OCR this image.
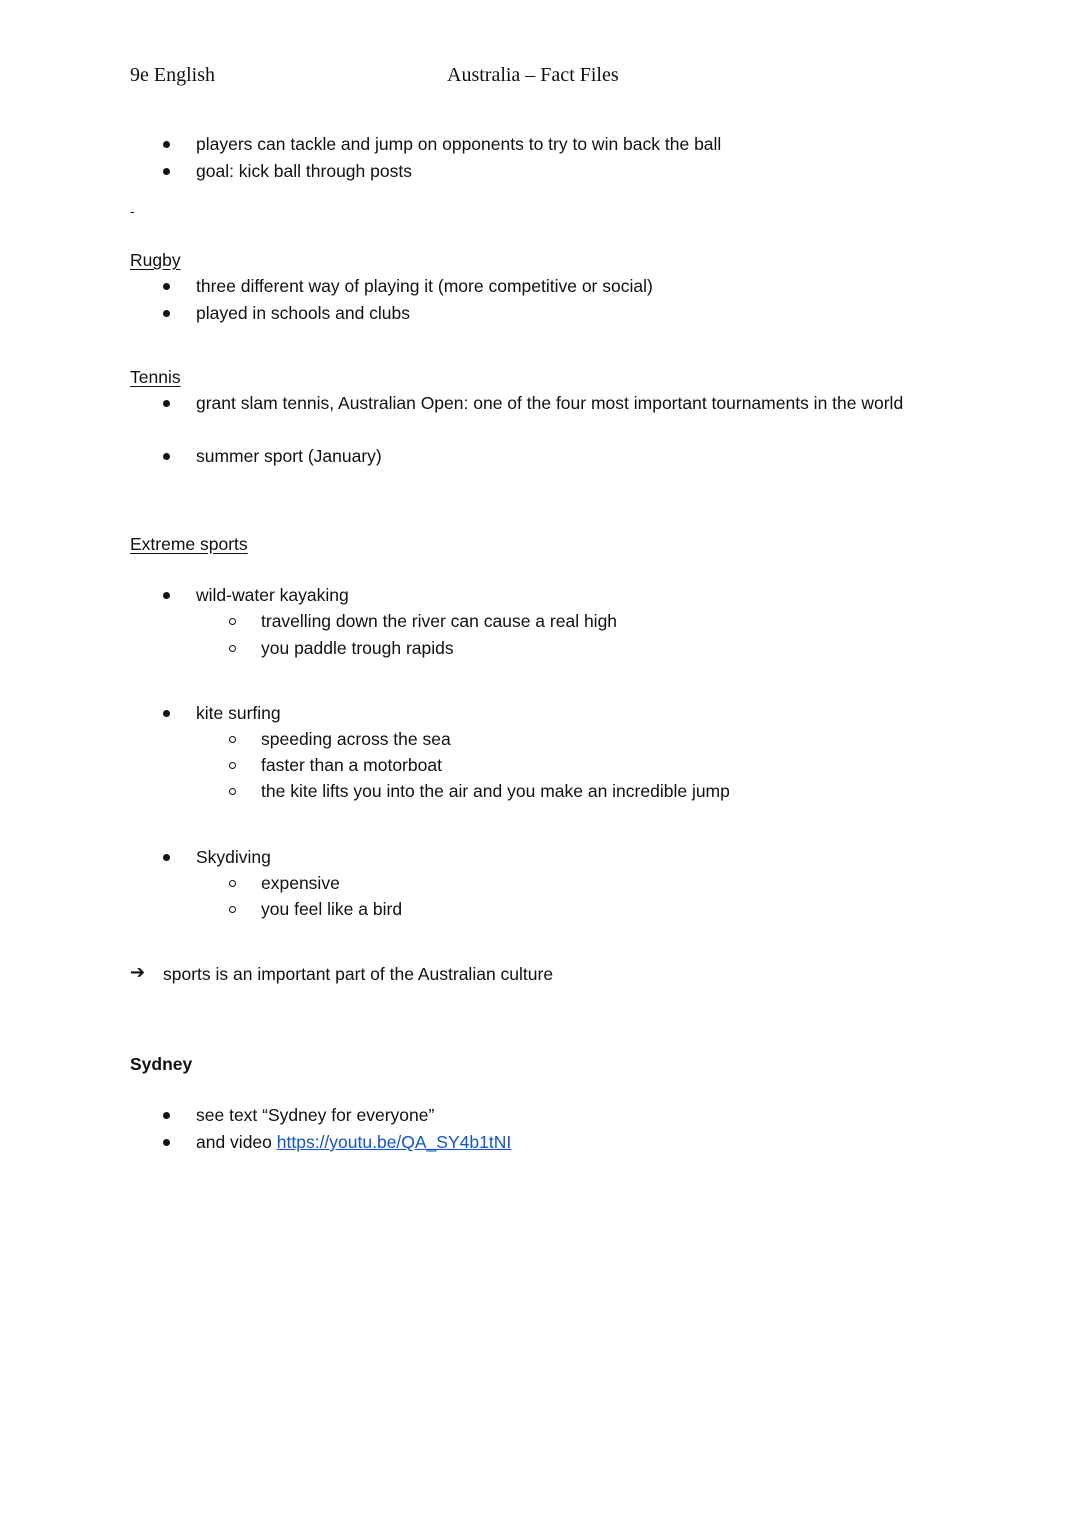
9e English	Australia – Fact Files
players can tackle and jump on opponents to try to win back the ball
goal: kick ball through posts
-
Rugby
three different way of playing it (more competitive or social)
played in schools and clubs
Tennis
grant slam tennis, Australian Open: one of the four most important tournaments in the world
summer sport (January)
Extreme sports
wild-water kayaking
travelling down the river can cause a real high
you paddle trough rapids
kite surfing
speeding across the sea
faster than a motorboat
the kite lifts you into the air and you make an incredible jump
Skydiving
expensive
you feel like a bird
➔ sports is an important part of the Australian culture
Sydney
see text “Sydney for everyone”
and video https://youtu.be/QA_SY4b1tNI
